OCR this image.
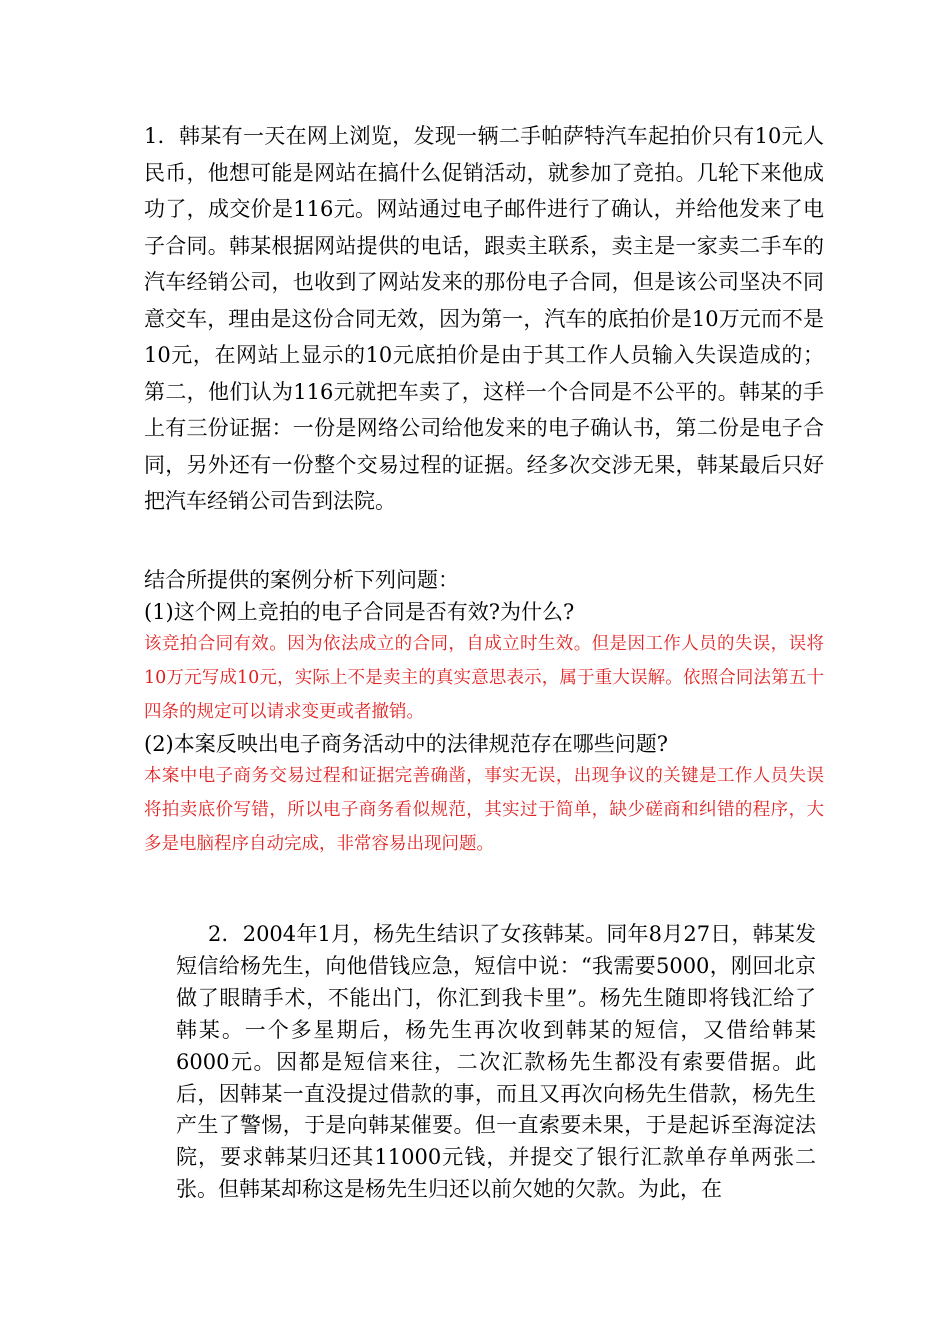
1．韩某有一天在网上浏览，发现一辆二手帕萨特汽车起拍价只有10元人民币，他想可能是网站在搞什么促销活动，就参加了竞拍。几轮下来他成功了，成交价是116元。网站通过电子邮件进行了确认，并给他发来了电子合同。韩某根据网站提供的电话，跟卖主联系，卖主是一家卖二手车的汽车经销公司，也收到了网站发来的那份电子合同，但是该公司坚决不同意交车，理由是这份合同无效，因为第一，汽车的底拍价是10万元而不是10元，在网站上显示的10元底拍价是由于其工作人员输入失误造成的；第二，他们认为116元就把车卖了，这样一个合同是不公平的。韩某的手上有三份证据：一份是网络公司给他发来的电子确认书，第二份是电子合同，另外还有一份整个交易过程的证据。经多次交涉无果，韩某最后只好把汽车经销公司告到法院。

结合所提供的案例分析下列问题：

(1)这个网上竞拍的电子合同是否有效?为什么?

该竞拍合同有效。因为依法成立的合同，自成立时生效。但是因工作人员的失误，误将10万元写成10元，实际上不是卖主的真实意思表示，属于重大误解。依照合同法第五十四条的规定可以请求变更或者撤销。

(2)本案反映出电子商务活动中的法律规范存在哪些问题?

本案中电子商务交易过程和证据完善确凿，事实无误，出现争议的关键是工作人员失误将拍卖底价写错，所以电子商务看似规范，其实过于简单，缺少磋商和纠错的程序，大多是电脑程序自动完成，非常容易出现问题。

2．2004年1月，杨先生结识了女孩韩某。同年8月27日，韩某发短信给杨先生，向他借钱应急，短信中说：“我需要5000，刚回北京做了眼睛手术，不能出门，你汇到我卡里”。杨先生随即将钱汇给了韩某。一个多星期后，杨先生再次收到韩某的短信，又借给韩某6000元。因都是短信来往，二次汇款杨先生都没有索要借据。此后，因韩某一直没提过借款的事，而且又再次向杨先生借款，杨先生产生了警惕，于是向韩某催要。但一直索要未果，于是起诉至海淀法院，要求韩某归还其11000元钱，并提交了银行汇款单存单两张二张。但韩某却称这是杨先生归还以前欠她的欠款。为此，在
